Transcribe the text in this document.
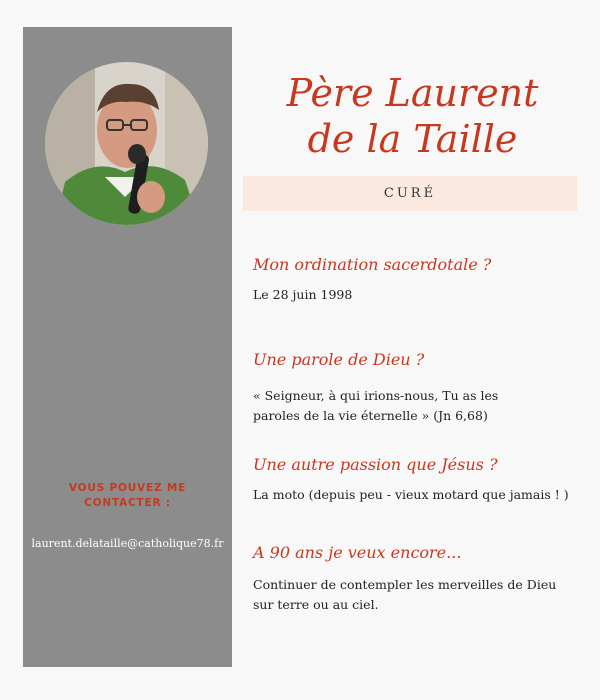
VOUS POUVEZ ME
CONTACTER :
laurent.delataille@catholique78.fr
Père Laurent
de la Taille
CURÉ
Mon ordination sacerdotale ?
Le 28 juin 1998
Une parole de Dieu ?
« Seigneur, à qui irions-nous, Tu as les
paroles de la vie éternelle » (Jn 6,68)
Une autre passion que Jésus ?
La moto (depuis peu - vieux motard que jamais ! )
A 90 ans je veux encore...
Continuer de contempler les merveilles de Dieu
sur terre ou au ciel.
